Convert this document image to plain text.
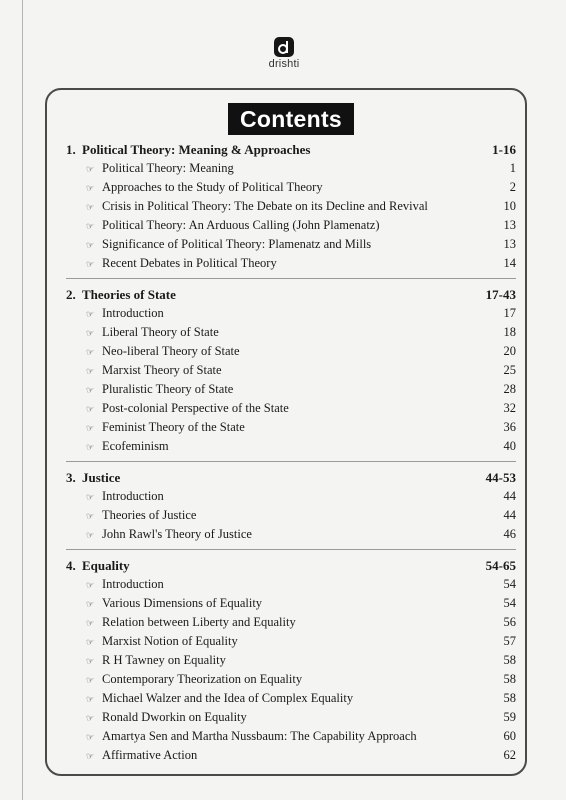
drishti
Contents
1. Political Theory: Meaning & Approaches	1-16
☞ Political Theory: Meaning	1
☞ Approaches to the Study of Political Theory	2
☞ Crisis in Political Theory: The Debate on its Decline and Revival	10
☞ Political Theory: An Arduous Calling (John Plamenatz)	13
☞ Significance of Political Theory: Plamenatz and Mills	13
☞ Recent Debates in Political Theory	14
2. Theories of State	17-43
☞ Introduction	17
☞ Liberal Theory of State	18
☞ Neo-liberal Theory of State	20
☞ Marxist Theory of State	25
☞ Pluralistic Theory of State	28
☞ Post-colonial Perspective of the State	32
☞ Feminist Theory of the State	36
☞ Ecofeminism	40
3. Justice	44-53
☞ Introduction	44
☞ Theories of Justice	44
☞ John Rawl's Theory of Justice	46
4. Equality	54-65
☞ Introduction	54
☞ Various Dimensions of Equality	54
☞ Relation between Liberty and Equality	56
☞ Marxist Notion of Equality	57
☞ R H Tawney on Equality	58
☞ Contemporary Theorization on Equality	58
☞ Michael Walzer and the Idea of Complex Equality	58
☞ Ronald Dworkin on Equality	59
☞ Amartya Sen and Martha Nussbaum: The Capability Approach	60
☞ Affirmative Action	62
